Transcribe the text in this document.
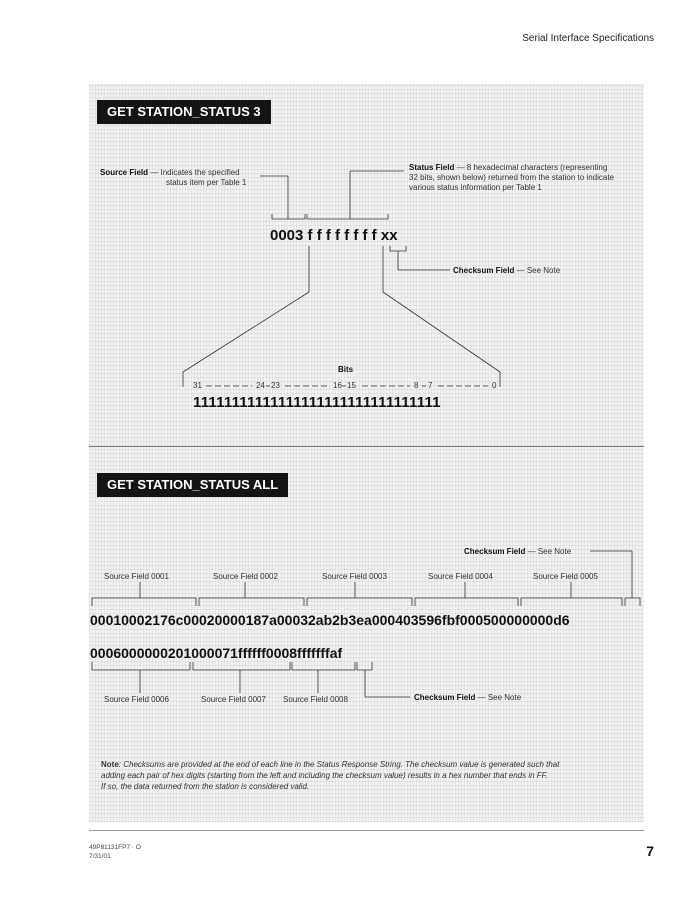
Serial Interface Specifications
GET STATION_STATUS 3
Source Field — Indicates the specified
status item per Table 1
Status Field — 8 hexadecimal characters (representing
32 bits, shown below) returned from the station to indicate
various status information per Table 1
0003 f f f f f f f f xx
Checksum Field — See Note
Bits
31	24 23	16 15	8 7	0
11111111111111111111111111111111
GET STATION_STATUS ALL
Checksum Field — See Note
Source Field 0001	Source Field 0002	Source Field 0003	Source Field 0004	Source Field 0005
00010002176c00020000187a00032ab2b3ea000403596fbf000500000000d6
0006000000201000071ffffff0008fffffffaf
Source Field 0006	Source Field 0007 Source Field 0008	Checksum Field — See Note
Note: Checksums are provided at the end of each line in the Status Response String. The checksum value is generated such that
adding each pair of hex digits (starting from the left and including the checksum value) results in a hex number that ends in FF.
If so, the data returned from the station is considered valid.
49P81131FP7 · O
7/31/01	7
